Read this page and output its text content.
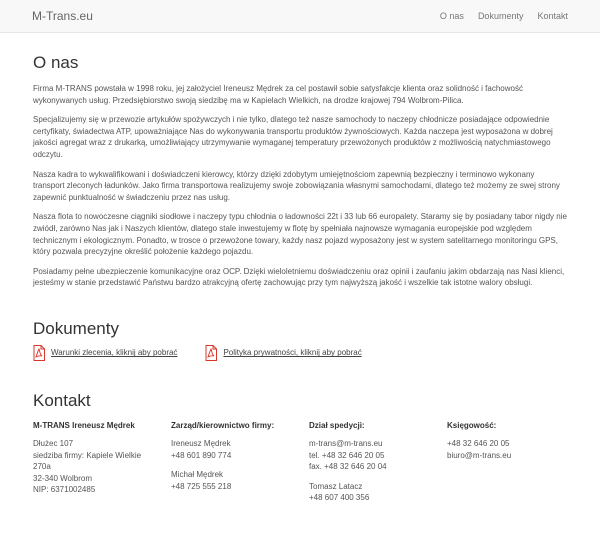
M-Trans.eu	O nas Dokumenty Kontakt
O nas

Firma M-TRANS powstała w 1998 roku, jej założyciel Ireneusz Mędrek za cel postawił sobie satysfakcje klienta oraz solidność i fachowość wykonywanych usług. Przedsiębiorstwo swoją siedzibę ma w Kapielach Wielkich, na drodze krajowej 794 Wolbrom-Pilica.

Specjalizujemy się w przewozie artykułów spożywczych i nie tylko, dlatego też nasze samochody to naczepy chłodnicze posiadające odpowiednie certyfikaty, świadectwa ATP, upoważniające Nas do wykonywania transportu produktów żywnościowych. Każda naczepa jest wyposażona w dobrej jakości agregat wraz z drukarką, umożliwiający utrzymywanie wymaganej temperatury przewożonych produktów z możliwością natychmiastowego odczytu.

Nasza kadra to wykwalifikowani i doświadczeni kierowcy, którzy dzięki zdobytym umiejętnościom zapewnią bezpieczny i terminowo wykonany transport zleconych ładunków. Jako firma transportowa realizujemy swoje zobowiązania własnymi samochodami, dlatego też możemy ze swej strony zapewnić punktualność w świadczeniu przez nas usług.

Nasza flota to nowoczesne ciągniki siodłowe i naczepy typu chłodnia o ładowności 22t i 33 lub 66 europalety. Staramy się by posiadany tabor nigdy nie zwiódł, zarówno Nas jak i Naszych klientów, dlatego stale inwestujemy w flotę by spełniała najnowsze wymagania europejskie pod względem technicznym i ekologicznym. Ponadto, w trosce o przewożone towary, każdy nasz pojazd wyposażony jest w system satelitarnego monitoringu GPS, który pozwala precyzyjne określić położenie każdego pojazdu.

Posiadamy pełne ubezpieczenie komunikacyjne oraz OCP. Dzięki wieloletniemu doświadczeniu oraz opinii i zaufaniu jakim obdarzają nas Nasi klienci, jesteśmy w stanie przedstawić Państwu bardzo atrakcyjną ofertę zachowując przy tym najwyższą jakość i wszelkie tak istotne walory obsługi.

Dokumenty
Warunki zlecenia, kliknij aby pobrać	Polityka prywatności, kliknij aby pobrać
Kontakt
M-TRANS Ireneusz Mędrek
Dłużec 107
siedziba firmy: Kapiele Wielkie 270a
32-340 Wolbrom
NIP: 6371002485
Zarząd/kierownictwo firmy:
Ireneusz Mędrek
+48 601 890 774
Michał Mędrek
+48 725 555 218
Dział spedycji:
m-trans@m-trans.eu
tel. +48 32 646 20 05
fax. +48 32 646 20 04
Tomasz Latacz
+48 607 400 356
Księgowość:
+48 32 646 20 05
biuro@m-trans.eu
